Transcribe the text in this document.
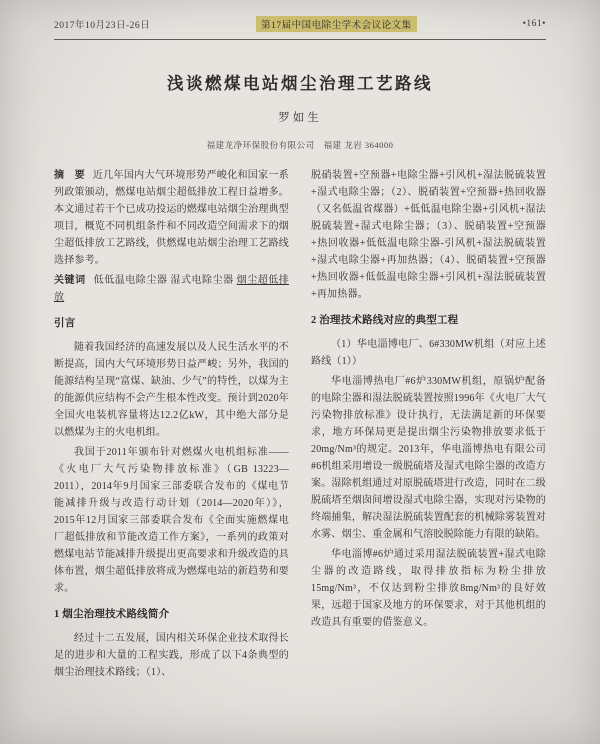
2017年10月23日-26日	第17届中国电除尘学术会议论文集	•161•
浅谈燃煤电站烟尘治理工艺路线
罗如生
福建龙净环保股份有限公司　福建 龙岩 364000

摘　要 近几年国内大气环境形势严峻化和国家一系列政策颁动，燃煤电站烟尘超低排放工程日益增多。本文通过若干个已成功投运的燃煤电站烟尘治理典型项目，概览不同机组条件和不同改造空间需求下的烟尘超低排放工艺路线，供燃煤电站烟尘治理工艺路线选择参考。

关键词 低低温电除尘器 湿式电除尘器 烟尘超低排放

引言

随着我国经济的高速发展以及人民生活水平的不断提高，国内大气环境形势日益严峻；另外，我国的能源结构呈现“富煤、缺油、少气”的特性，以煤为主的能源供应结构不会产生根本性改变。预计到2020年全国火电装机容量将达12.2亿kW，其中绝大部分是以燃煤为主的火电机组。

我国于2011年颁布针对燃煤火电机组标准——《火电厂大气污染物排放标准》（GB 13223—2011），2014年9月国家三部委联合发布的《煤电节能减排升级与改造行动计划（2014—2020年）》，2015年12月国家三部委联合发布《全面实施燃煤电厂超低排放和节能改造工作方案》，一系列的政策对燃煤电站节能减排升级提出更高要求和升级改造的具体布置，烟尘超低排放将成为燃煤电站的新趋势和要求。

1 烟尘治理技术路线简介

经过十二五发展，国内相关环保企业技术取得长足的进步和大量的工程实践，形成了以下4条典型的烟尘治理技术路线；（1）、

脱硝装置+空预器+电除尘器+引风机+湿法脱硫装置+湿式电除尘器；（2）、脱硝装置+空预器+热回收器（又名低温省煤器）+低低温电除尘器+引风机+湿法脱硫装置+湿式电除尘器；（3）、脱硝装置+空预器+热回收器+低低温电除尘器-引风机+湿法脱硫装置+湿式电除尘器+再加热器；（4）、脱硝装置+空预器+热回收器+低低温电除尘器+引风机+湿法脱硫装置+再加热器。

2 治理技术路线对应的典型工程

（1）华电淄博电厂、6#330MW机组（对应上述路线（1））

华电淄博热电厂#6炉330MW机组，原锅炉配备的电除尘器和湿法脱硫装置按照1996年《火电厂大气污染物排放标准》设计执行，无法满足新的环保要求，地方环保局更是提出烟尘污染物排放要求低于20mg/Nm³的规定。2013年，华电淄博热电有限公司#6机组采用增设一级脱硫塔及湿式电除尘器的改造方案。湿除机组通过对原脱硫塔进行改造，同时在二级脱硫塔至烟囱间增设湿式电除尘器，实现对污染物的终端捕集，解决湿法脱硫装置配套的机械除雾装置对水雾、烟尘、重金属和气溶胶脱除能力有限的缺陷。

华电淄博#6炉通过采用湿法脱硫装置+湿式电除尘器的改造路线，取得排放指标为粉尘排放15mg/Nm³，不仅达到粉尘排放8mg/Nm³的良好效果，远超于国家及地方的环保要求，对于其他机组的改造具有重要的借鉴意义。
